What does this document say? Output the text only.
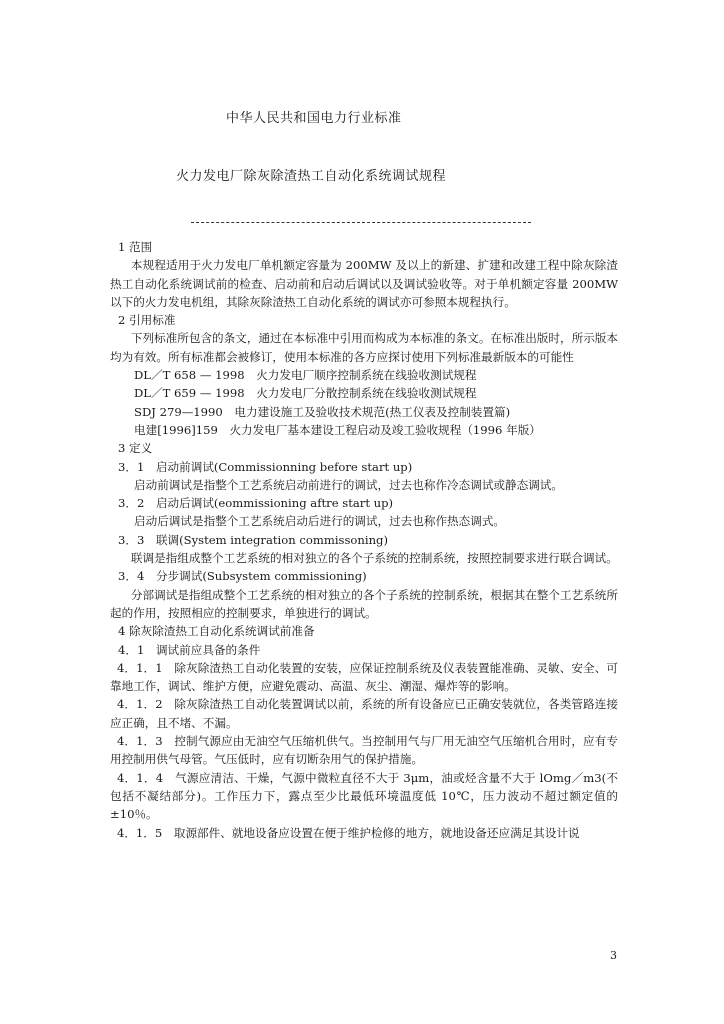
中华人民共和国电力行业标准
火力发电厂除灰除渣热工自动化系统调试规程
1 范围
本规程适用于火力发电厂单机额定容量为 200MW 及以上的新建、扩建和改建工程中除灰除渣热工自动化系统调试前的检查、启动前和启动后调试以及调试验收等。对于单机额定容量 200MW 以下的火力发电机组，其除灰除渣热工自动化系统的调试亦可参照本规程执行。
2 引用标准
下列标准所包含的条文，通过在本标准中引用而构成为本标准的条文。在标准出版时，所示版本均为有效。所有标准都会被修订，使用本标准的各方应探讨使用下列标准最新版本的可能性
DL／T 658 — 1998　火力发电厂顺序控制系统在线验收测试规程
DL／T 659 — 1998　火力发电厂分散控制系统在线验收测试规程
SDJ 279—1990　电力建设施工及验收技术规范(热工仪表及控制装置篇)
电建[1996]159　火力发电厂基本建设工程启动及竣工验收规程（1996 年版）
3 定义
3．1　启动前调试(Commissionning before start up)
启动前调试是指整个工艺系统启动前进行的调试，过去也称作冷态调试或静态调试。
3．2　启动后调试(eommissioning aftre start up)
启动后调试是指整个工艺系统启动后进行的调试，过去也称作热态调式。
3．3　联调(System integration commissoning)
联调是指组成整个工艺系统的相对独立的各个子系统的控制系统，按照控制要求进行联合调试。
3．4　分步调试(Subsystem commissioning)
分部调试是指组成整个工艺系统的相对独立的各个子系统的控制系统，根据其在整个工艺系统所起的作用，按照相应的控制要求，单独进行的调试。
4 除灰除渣热工自动化系统调试前准备
4．1　调试前应具备的条件
4．1．1　除灰除渣热工自动化装置的安装，应保证控制系统及仪表装置能准确、灵敏、安全、可靠地工作，调试、维护方便，应避免震动、高温、灰尘、潮湿、爆炸等的影响。
4．1．2　除灰除渣热工自动化装置调试以前，系统的所有设备应已正确安装就位，各类管路连接应正确，且不堵、不漏。
4．1．3　控制气源应由无油空气压缩机供气。当控制用气与厂用无油空气压缩机合用时，应有专用控制用供气母管。气压低时，应有切断杂用气的保护措施。
4．1．4　气源应清洁、干燥，气源中微粒直径不大于 3μm，油或烃含量不大于 lOmg／m3(不包括不凝结部分)。工作压力下，露点至少比最低环境温度低 10℃，压力波动不超过额定值的±10％。
4．1．5　取源部件、就地设备应设置在便于维护检修的地方，就地设备还应满足其设计说
3
